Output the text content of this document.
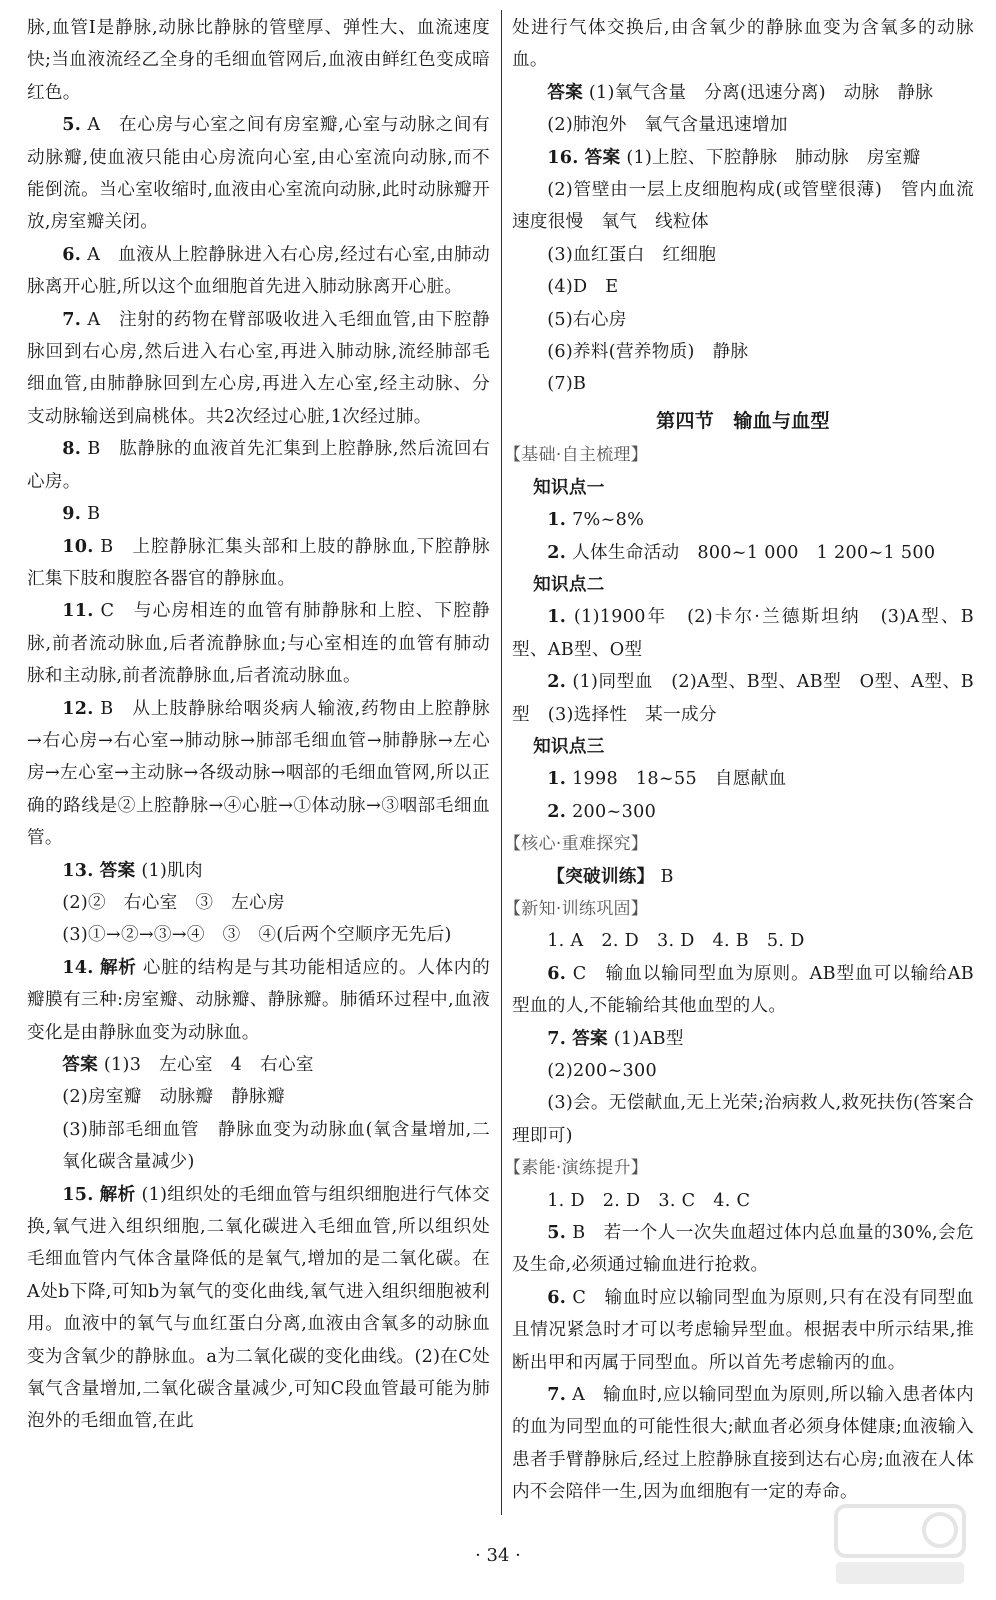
脉,血管Ⅰ是静脉,动脉比静脉的管壁厚、弹性大、血流速度快;当血液流经乙全身的毛细血管网后,血液由鲜红色变成暗红色。

5. A　在心房与心室之间有房室瓣,心室与动脉之间有动脉瓣,使血液只能由心房流向心室,由心室流向动脉,而不能倒流。当心室收缩时,血液由心室流向动脉,此时动脉瓣开放,房室瓣关闭。

6. A　血液从上腔静脉进入右心房,经过右心室,由肺动脉离开心脏,所以这个血细胞首先进入肺动脉离开心脏。

7. A　注射的药物在臂部吸收进入毛细血管,由下腔静脉回到右心房,然后进入右心室,再进入肺动脉,流经肺部毛细血管,由肺静脉回到左心房,再进入左心室,经主动脉、分支动脉输送到扁桃体。共2次经过心脏,1次经过肺。

8. B　肱静脉的血液首先汇集到上腔静脉,然后流回右心房。

9. B

10. B　上腔静脉汇集头部和上肢的静脉血,下腔静脉汇集下肢和腹腔各器官的静脉血。

11. C　与心房相连的血管有肺静脉和上腔、下腔静脉,前者流动脉血,后者流静脉血;与心室相连的血管有肺动脉和主动脉,前者流静脉血,后者流动脉血。

12. B　从上肢静脉给咽炎病人输液,药物由上腔静脉→右心房→右心室→肺动脉→肺部毛细血管→肺静脉→左心房→左心室→主动脉→各级动脉→咽部的毛细血管网,所以正确的路线是②上腔静脉→④心脏→①体动脉→③咽部毛细血管。

13. 答案 (1)肌肉

(2)②　右心室　③　左心房

(3)①→②→③→④　③　④(后两个空顺序无先后)

14. 解析 心脏的结构是与其功能相适应的。人体内的瓣膜有三种:房室瓣、动脉瓣、静脉瓣。肺循环过程中,血液变化是由静脉血变为动脉血。

答案 (1)3　左心室　4　右心室

(2)房室瓣　动脉瓣　静脉瓣

(3)肺部毛细血管　静脉血变为动脉血(氧含量增加,二氧化碳含量减少)

15. 解析 (1)组织处的毛细血管与组织细胞进行气体交换,氧气进入组织细胞,二氧化碳进入毛细血管,所以组织处毛细血管内气体含量降低的是氧气,增加的是二氧化碳。在A处b下降,可知b为氧气的变化曲线,氧气进入组织细胞被利用。血液中的氧气与血红蛋白分离,血液由含氧多的动脉血变为含氧少的静脉血。a为二氧化碳的变化曲线。(2)在C处氧气含量增加,二氧化碳含量减少,可知C段血管最可能为肺泡外的毛细血管,在此

处进行气体交换后,由含氧少的静脉血变为含氧多的动脉血。

答案 (1)氧气含量　分离(迅速分离)　动脉　静脉

(2)肺泡外　氧气含量迅速增加

16. 答案 (1)上腔、下腔静脉　肺动脉　房室瓣

(2)管壁由一层上皮细胞构成(或管壁很薄)　管内血流速度很慢　氧气　线粒体

(3)血红蛋白　红细胞

(4)D　E

(5)右心房

(6)养料(营养物质)　静脉

(7)B

第四节　输血与血型
【基础·自主梳理】
知识点一

1. 7%~8%

2. 人体生命活动　800~1 000　1 200~1 500

知识点二

1. (1)1900年　(2)卡尔·兰德斯坦纳　(3)A型、B型、AB型、O型

2. (1)同型血　(2)A型、B型、AB型　O型、A型、B型　(3)选择性　某一成分

知识点三

1. 1998　18~55　自愿献血

2. 200~300

【核心·重难探究】

【突破训练】 B

【新知·训练巩固】

1. A　2. D　3. D　4. B　5. D

6. C　输血以输同型血为原则。AB型血可以输给AB型血的人,不能输给其他血型的人。

7. 答案 (1)AB型

(2)200~300

(3)会。无偿献血,无上光荣;治病救人,救死扶伤(答案合理即可)

【素能·演练提升】

1. D　2. D　3. C　4. C

5. B　若一个人一次失血超过体内总血量的30%,会危及生命,必须通过输血进行抢救。

6. C　输血时应以输同型血为原则,只有在没有同型血且情况紧急时才可以考虑输异型血。根据表中所示结果,推断出甲和丙属于同型血。所以首先考虑输丙的血。

7. A　输血时,应以输同型血为原则,所以输入患者体内的血为同型血的可能性很大;献血者必须身体健康;血液输入患者手臂静脉后,经过上腔静脉直接到达右心房;血液在人体内不会陪伴一生,因为血细胞有一定的寿命。

· 34 ·
